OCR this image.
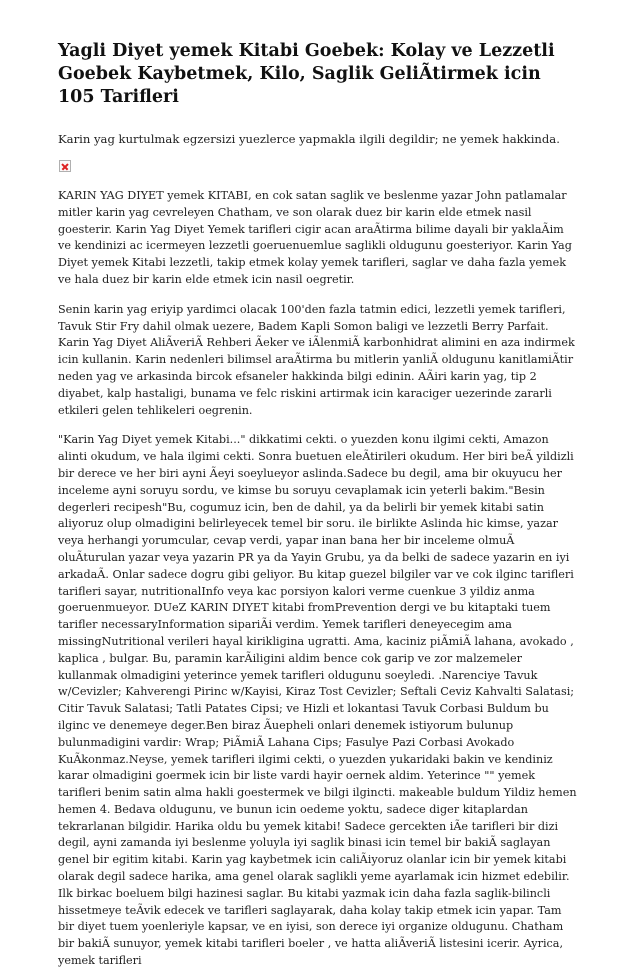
Yagli Diyet yemek Kitabi Goebek: Kolay ve Lezzetli Goebek Kaybetmek, Kilo, Saglik GeliÃtirmek icin 105 Tarifleri
Karin yag kurtulmak egzersizi yuezlerce yapmakla ilgili degildir; ne yemek hakkinda.

KARIN YAG DIYET yemek KITABI, en cok satan saglik ve beslenme yazar John patlamalar mitler karin yag cevreleyen Chatham, ve son olarak duez bir karin elde etmek nasil goesterir. Karin Yag Diyet Yemek tarifleri cigir acan araÃtirma bilime dayali bir yaklaÃim ve kendinizi ac icermeyen lezzetli goeruenuemlue saglikli oldugunu goesteriyor. Karin Yag Diyet yemek Kitabi lezzetli, takip etmek kolay yemek tarifleri, saglar ve daha fazla yemek ve hala duez bir karin elde etmek icin nasil oegretir.

Senin karin yag eriyip yardimci olacak 100'den fazla tatmin edici, lezzetli yemek tarifleri, Tavuk Stir Fry dahil olmak uezere, Badem Kapli Somon baligi ve lezzetli Berry Parfait. Karin Yag Diyet AliÃveriÃ Rehberi Ãeker ve iÃlenmiÃ karbonhidrat alimini en aza indirmek icin kullanin. Karin nedenleri bilimsel araÃtirma bu mitlerin yanliÃ oldugunu kanitlamiÃtir neden yag ve arkasinda bircok efsaneler hakkinda bilgi edinin. AÃiri karin yag, tip 2 diyabet, kalp hastaligi, bunama ve felc riskini artirmak icin karaciger uezerinde zararli etkileri gelen tehlikeleri oegrenin.

"Karin Yag Diyet yemek Kitabi..." dikkatimi cekti. o yuezden konu ilgimi cekti, Amazon alinti okudum, ve hala ilgimi cekti. Sonra buetuen eleÃtirileri okudum. Her biri beÃ yildizli bir derece ve her biri ayni Ãeyi soeylueyor aslinda.Sadece bu degil, ama bir okuyucu her inceleme ayni soruyu sordu, ve kimse bu soruyu cevaplamak icin yeterli bakim."Besin degerleri recipesh"Bu, cogumuz icin, ben de dahil, ya da belirli bir yemek kitabi satin aliyoruz olup olmadigini belirleyecek temel bir soru. ile birlikte Aslinda hic kimse, yazar veya herhangi yorumcular, cevap verdi, yapar inan bana her bir inceleme olmuÃ oluÃturulan yazar veya yazarin PR ya da Yayin Grubu, ya da belki de sadece yazarin en iyi arkadaÃ. Onlar sadece dogru gibi geliyor. Bu kitap guezel bilgiler var ve cok ilginc tarifleri tarifleri sayar, nutritionalInfo veya kac porsiyon kalori verme cuenkue 3 yildiz anma goeruenmueyor. DUeZ KARIN DIYET kitabi fromPrevention dergi ve bu kitaptaki tuem tarifler necessaryInformation sipariÃi verdim. Yemek tarifleri deneyecegim ama missingNutritional verileri hayal kirikligina ugratti. Ama, kaciniz piÃmiÃ lahana, avokado , kaplica , bulgar. Bu, paramin karÃiligini aldim bence cok garip ve zor malzemeler kullanmak olmadigini yeterince yemek tarifleri oldugunu soeyledi. .Narenciye Tavuk w/Cevizler; Kahverengi Pirinc w/Kayisi, Kiraz Tost Cevizler; Seftali Ceviz Kahvalti Salatasi; Citir Tavuk Salatasi; Tatli Patates Cipsi; ve Hizli et lokantasi Tavuk Corbasi Buldum bu ilginc ve denemeye deger.Ben biraz Ãuepheli onlari denemek istiyorum bulunup bulunmadigini vardir: Wrap; PiÃmiÃ Lahana Cips; Fasulye Pazi Corbasi Avokado KuÃkonmaz.Neyse, yemek tarifleri ilgimi cekti, o yuezden yukaridaki bakin ve kendiniz karar olmadigini goermek icin bir liste vardi hayir oernek aldim. Yeterince "" yemek tarifleri benim satin alma hakli goestermek ve bilgi ilgincti. makeable buldum Yildiz hemen hemen 4. Bedava oldugunu, ve bunun icin oedeme yoktu, sadece diger kitaplardan tekrarlanan bilgidir. Harika oldu bu yemek kitabi! Sadece gercekten iÃe tarifleri bir dizi degil, ayni zamanda iyi beslenme yoluyla iyi saglik binasi icin temel bir bakiÃ saglayan genel bir egitim kitabi. Karin yag kaybetmek icin caliÃiyoruz olanlar icin bir yemek kitabi olarak degil sadece harika, ama genel olarak saglikli yeme ayarlamak icin hizmet edebilir. Ilk birkac boeluem bilgi hazinesi saglar. Bu kitabi yazmak icin daha fazla saglik-bilincli hissetmeye teÃvik edecek ve tarifleri saglayarak, daha kolay takip etmek icin yapar. Tam bir diyet tuem yoenleriyle kapsar, ve en iyisi, son derece iyi organize oldugunu. Chatham bir bakiÃ sunuyor, yemek kitabi tarifleri boeler , ve hatta aliÃveriÃ listesini icerir. Ayrica, yemek tarifleri
